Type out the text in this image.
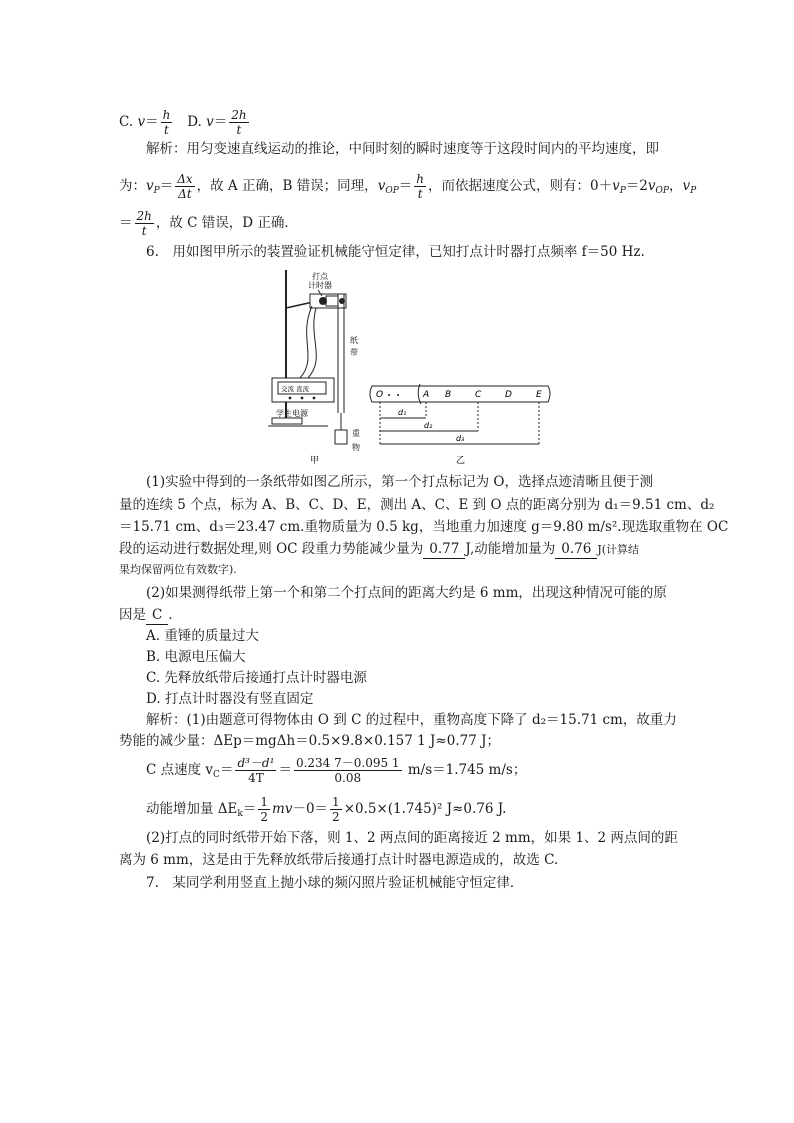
C. $v= \frac{h}{t} D$. $v= \frac{2h}{t}$
解析：用匀变速直线运动的推论，中间时刻的瞬时速度等于这段时间内的平均速度，即
为：$v_P= \frac{\Delta x}{\Delta t}$ ，故 A 正确，B 错误；同理，$v_{OP}= \frac{h}{t}$ ，而依据速度公式，则有：$0+v_P=2v_{OP}$，$v_P$
＝ $\frac{2h}{t}$ ，故 C 错误，D 正确．
6.　用如图甲所示的装置验证机械能守恒定律，已知打点计时器打点频率 f＝50 Hz.
打点
计时器
纸
带
重
物
交流 直流
学生电源
甲
O	A B	C	D	E
d₁
d₂
d₃
乙
(1)实验中得到的一条纸带如图乙所示，第一个打点标记为 O，选择点迹清晰且便于测
量的连续 5 个点，标为 A、B、C、D、E，测出 A、C、E 到 O 点的距离分别为 d₁＝9.51 cm、d₂
＝15.71 cm、d₃＝23.47 cm.重物质量为 0.5 kg，当地重力加速度 g＝9.80 m/s².现选取重物在 OC
段的运动进行数据处理,则 OC 段重力势能减少量为 0.77 J,动能增加量为 0.76 J(计算结
果均保留两位有效数字).
(2)如果测得纸带上第一个和第二个打点间的距离大约是 6 mm，出现这种情况可能的原
因是 C ．
A. 重锤的质量过大
B. 电源电压偏大
C. 先释放纸带后接通打点计时器电源
D. 打点计时器没有竖直固定
解析：(1)由题意可得物体由 O 到 C 的过程中，重物高度下降了 d₂＝15.71 cm，故重力
势能的减少量：ΔEp＝mgΔh＝0.5×9.8×0.157 1 J≈0.77 J；
C 点速度 $v_C= \frac{\text{d³－d¹}}{4T} = \frac{0.234 7-0.095 1}{0.08} m/s=1.745$ m/s；
动能增加量 $\Delta E_k= \frac{1}{2} mv-0= \frac{1}{2} \times 0.5\times(1.745)^2$ J≈0.76 J.
(2)打点的同时纸带开始下落，则 1、2 两点间的距离接近 2 mm，如果 1、2 两点间的距
离为 6 mm，这是由于先释放纸带后接通打点计时器电源造成的，故选 C.
7.　某同学利用竖直上抛小球的频闪照片验证机械能守恒定律．
